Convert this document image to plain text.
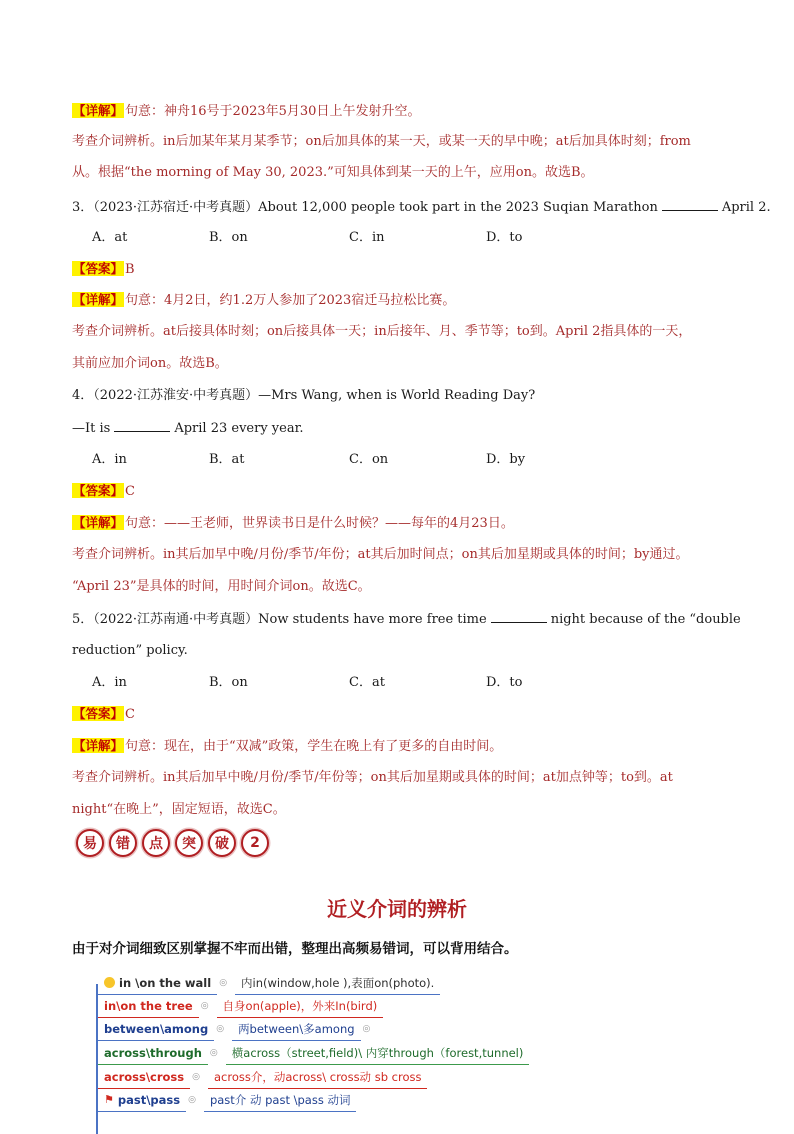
【详解】 句意：神舟16号于2023年5月30日上午发射升空。
考查介词辨析。in后加某年某月某季节；on后加具体的某一天，或某一天的早中晚；at后加具体时刻；from
从。根据“the morning of May 30, 2023.”可知具体到某一天的上午，应用on。故选B。
3．（2023·江苏宿迁·中考真题）About 12,000 people took part in the 2023 Suqian Marathon	April 2.
A．at	B．on	C．in	D．to
【答案】 B
【详解】 句意：4月2日，约1.2万人参加了2023宿迁马拉松比赛。
考查介词辨析。at后接具体时刻；on后接具体一天；in后接年、月、季节等；to到。April 2指具体的一天，
其前应加介词on。故选B。
4．（2022·江苏淮安·中考真题）—Mrs Wang, when is World Reading Day?
—It is	April 23 every year.
A．in	B．at	C．on	D．by
【答案】 C
【详解】 句意：——王老师，世界读书日是什么时候？——每年的4月23日。
考查介词辨析。in其后加早中晚/月份/季节/年份；at其后加时间点；on其后加星期或具体的时间；by通过。
“April 23”是具体的时间，用时间介词on。故选C。
5．（2022·江苏南通·中考真题）Now students have more free time	night because of the “double
reduction” policy.
A．in	B．on	C．at	D．to
【答案】 C
【详解】 句意：现在，由于“双减”政策，学生在晚上有了更多的自由时间。
考查介词辨析。in其后加早中晚/月份/季节/年份等；on其后加星期或具体的时间；at加点钟等；to到。at
night“在晚上”，固定短语，故选C。
易	错	点	突	破	2
近义介词的辨析
由于对介词细致区别掌握不牢而出错，整理出高频易错词，可以背用结合。
in \on the wall ◎	内in(window,hole ),表面on(photo).
in\on the tree ◎	自身on(apple)，外来In(bird)
between\among ◎	两between\多among ◎
across\through ◎	横across（street,field)\ 内穿through（forest,tunnel)
across\cross ◎	across介，动across\ cross动 sb cross
⚑ past\pass ◎	past介 动 past \pass 动词
